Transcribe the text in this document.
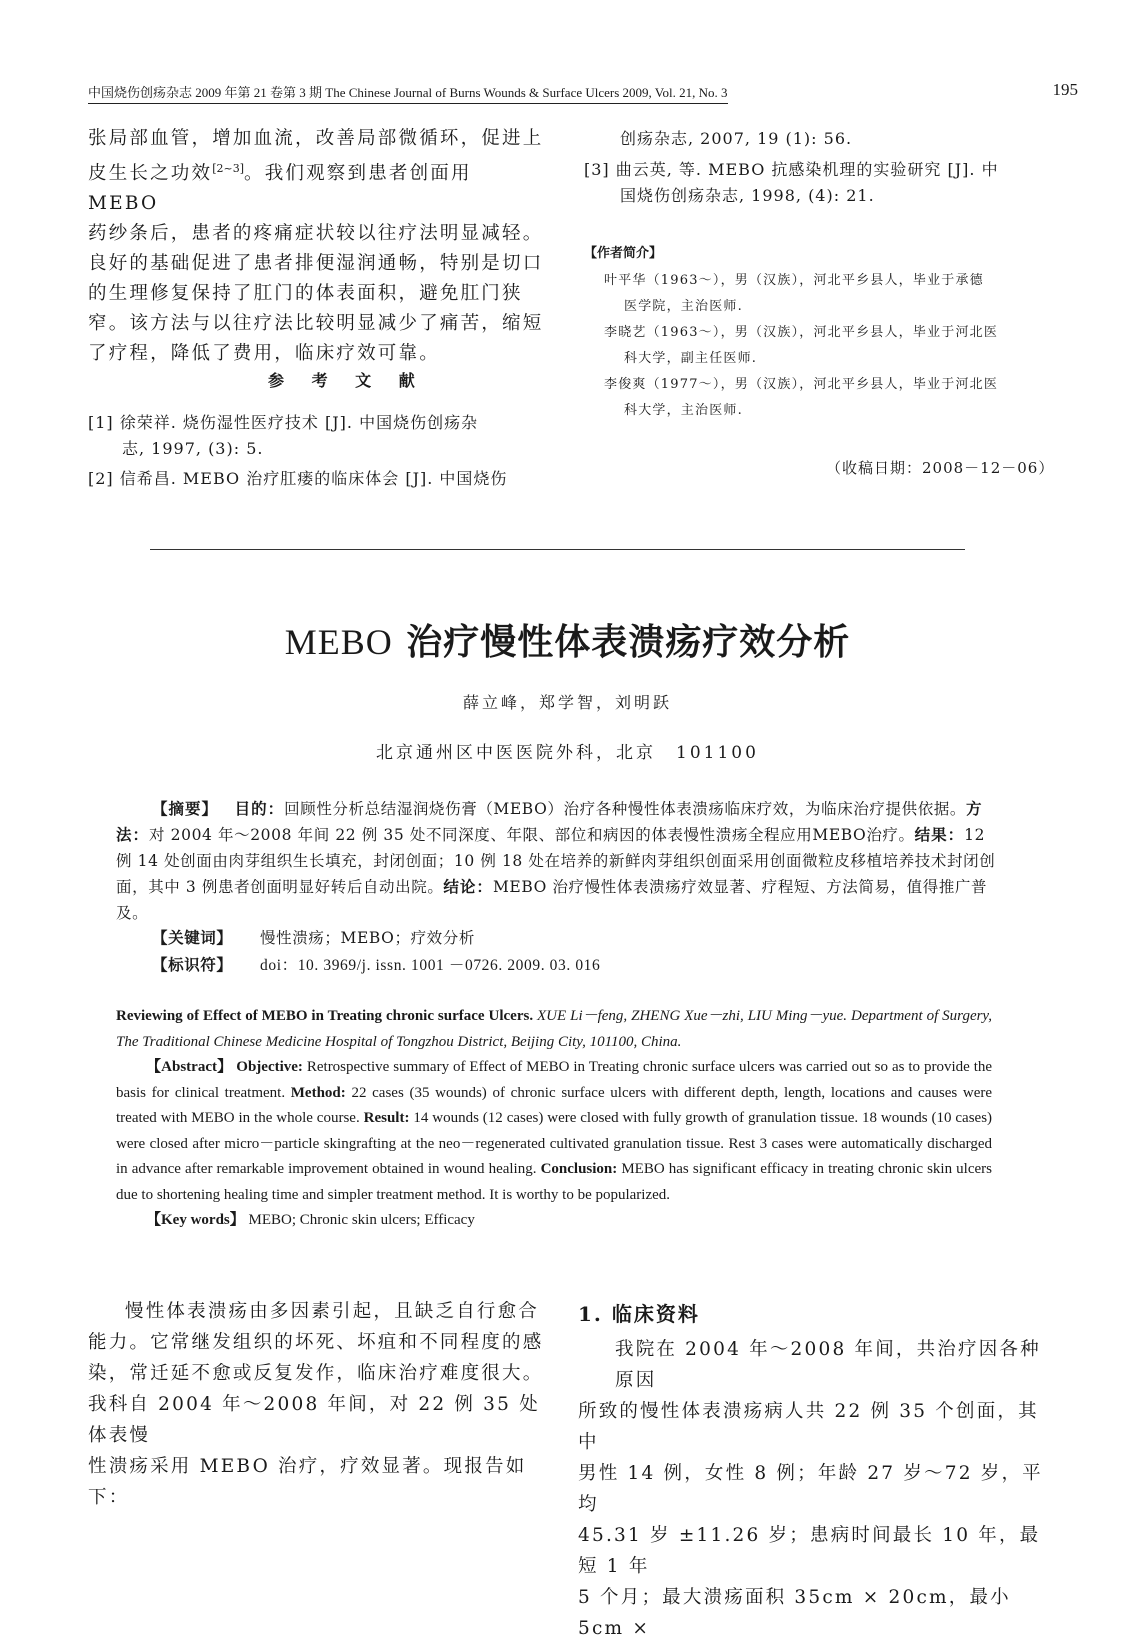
中国烧伤创疡杂志 2009 年第 21 卷第 3 期 The Chinese Journal of Burns Wounds & Surface Ulcers 2009, Vol. 21, No. 3	195
张局部血管，增加血流，改善局部微循环，促进上
皮生长之功效[2~3]。我们观察到患者创面用 MEBO
药纱条后，患者的疼痛症状较以往疗法明显减轻。
良好的基础促进了患者排便湿润通畅，特别是切口
的生理修复保持了肛门的体表面积，避免肛门狭
窄。该方法与以往疗法比较明显减少了痛苦，缩短
了疗程，降低了费用，临床疗效可靠。
参 考 文 献
[1] 徐荣祥. 烧伤湿性医疗技术 [J]. 中国烧伤创疡杂
志, 1997, (3): 5.
[2] 信希昌. MEBO 治疗肛瘘的临床体会 [J]. 中国烧伤
创疡杂志, 2007, 19 (1): 56.
[3] 曲云英, 等. MEBO 抗感染机理的实验研究 [J]. 中
国烧伤创疡杂志, 1998, (4): 21.
【作者简介】
叶平华（1963～），男（汉族），河北平乡县人，毕业于承德
医学院，主治医师.
李晓艺（1963～），男（汉族），河北平乡县人，毕业于河北医
科大学，副主任医师.
李俊爽（1977～），男（汉族），河北平乡县人，毕业于河北医
科大学，主治医师.
（收稿日期：2008－12－06）
MEBO 治疗慢性体表溃疡疗效分析
薛立峰，郑学智，刘明跃
北京通州区中医医院外科，北京　101100
【摘要】 目的：回顾性分析总结湿润烧伤膏（MEBO）治疗各种慢性体表溃疡临床疗效，为临床治疗提供依据。方法：对 2004 年～2008 年间 22 例 35 处不同深度、年限、部位和病因的体表慢性溃疡全程应用MEBO治疗。结果：12 例 14 处创面由肉芽组织生长填充，封闭创面；10 例 18 处在培养的新鲜肉芽组织创面采用创面微粒皮移植培养技术封闭创面，其中 3 例患者创面明显好转后自动出院。结论：MEBO 治疗慢性体表溃疡疗效显著、疗程短、方法简易，值得推广普及。
【关键词】 慢性溃疡；MEBO；疗效分析
【标识符】 doi：10. 3969/j. issn. 1001 －0726. 2009. 03. 016

Reviewing of Effect of MEBO in Treating chronic surface Ulcers. XUE Li－feng, ZHENG Xue－zhi, LIU Ming－yue. Department of Surgery, The Traditional Chinese Medicine Hospital of Tongzhou District, Beijing City, 101100, China.

【Abstract】 Objective: Retrospective summary of Effect of MEBO in Treating chronic surface ulcers was carried out so as to provide the basis for clinical treatment. Method: 22 cases (35 wounds) of chronic surface ulcers with different depth, length, locations and causes were treated with MEBO in the whole course. Result: 14 wounds (12 cases) were closed with fully growth of granulation tissue. 18 wounds (10 cases) were closed after micro－particle skingrafting at the neo－regenerated cultivated granulation tissue. Rest 3 cases were automatically discharged in advance after remarkable improvement obtained in wound healing. Conclusion: MEBO has significant efficacy in treating chronic skin ulcers due to shortening healing time and simpler treatment method. It is worthy to be popularized.

【Key words】 MEBO; Chronic skin ulcers; Efficacy

慢性体表溃疡由多因素引起，且缺乏自行愈合
能力。它常继发组织的坏死、坏疽和不同程度的感
染，常迁延不愈或反复发作，临床治疗难度很大。
我科自 2004 年～2008 年间，对 22 例 35 处体表慢
性溃疡采用 MEBO 治疗，疗效显著。现报告如下：
1. 临床资料
我院在 2004 年～2008 年间，共治疗因各种原因
所致的慢性体表溃疡病人共 22 例 35 个创面，其中
男性 14 例，女性 8 例；年龄 27 岁～72 岁，平均
45.31 岁 ±11.26 岁；患病时间最长 10 年，最短 1 年
5 个月；最大溃疡面积 35cm × 20cm，最小 5cm ×
